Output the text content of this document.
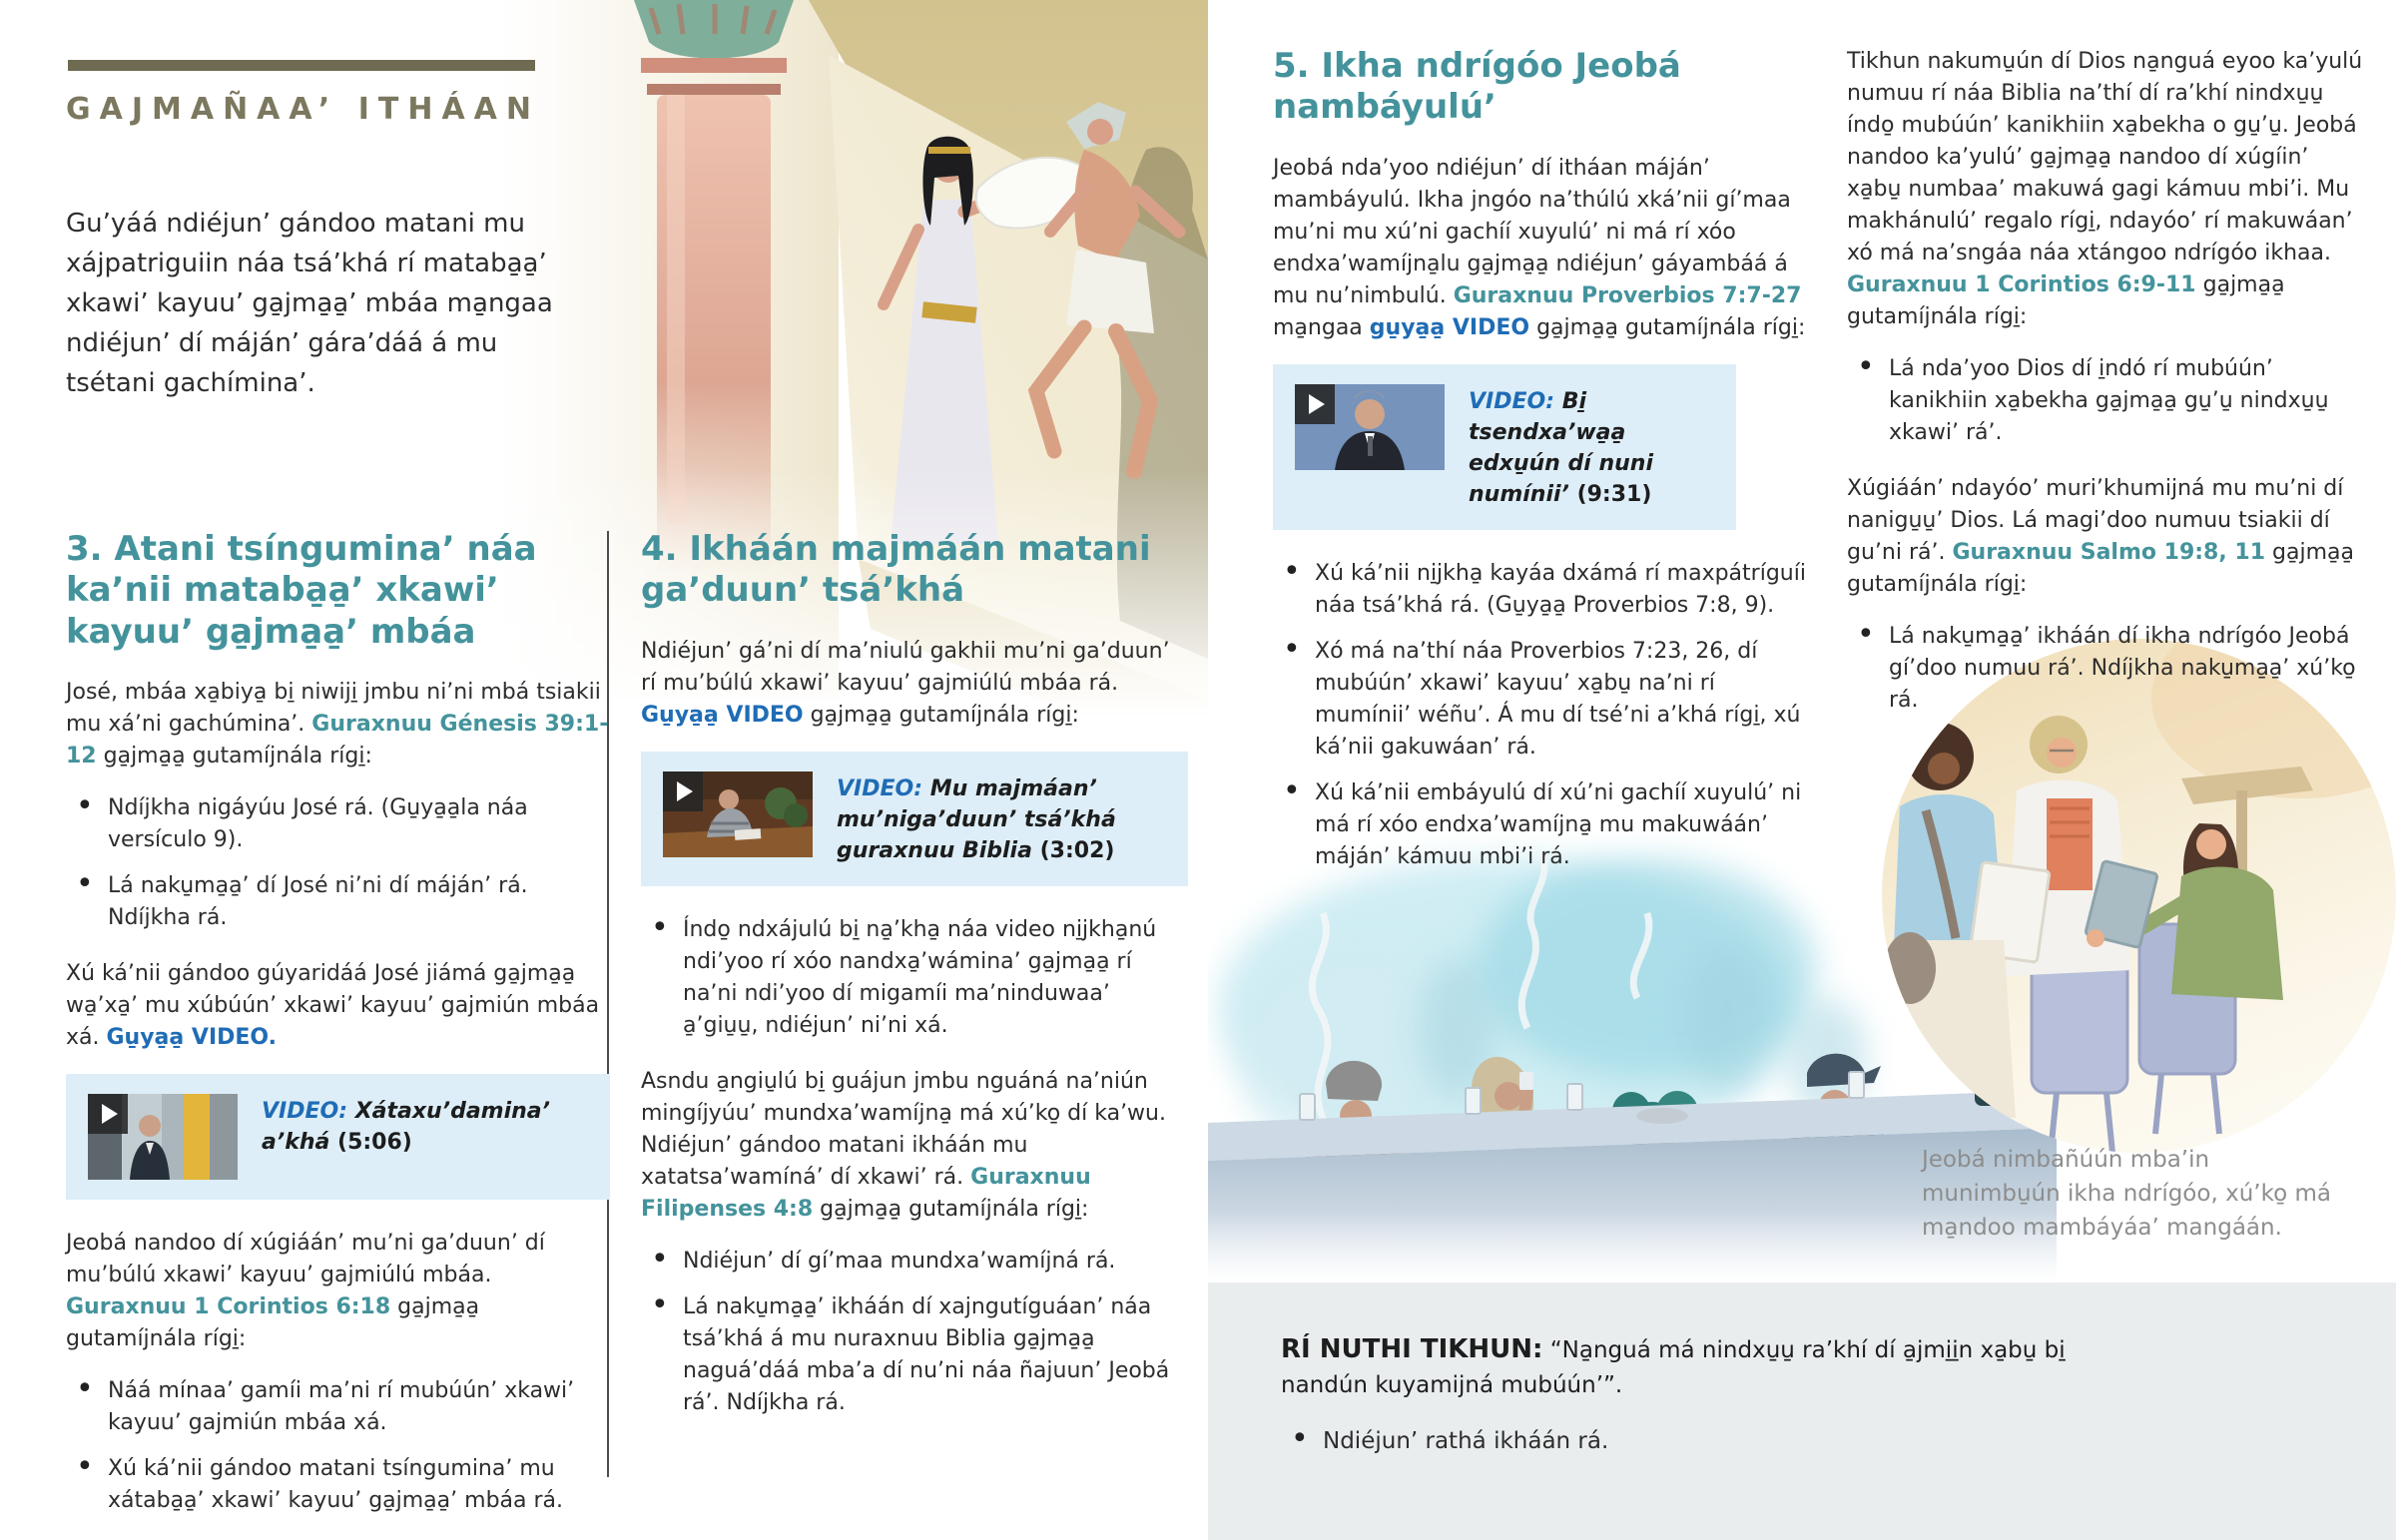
GAJMAÑAA’ ITHÁAN

Gu’yáá ndiéjun’ gándoo matani mu xájpatriguiin náa tsá’khá rí mataba̱a̱’ xkawi’ kayuu’ ga̱jma̱a̱’ mbáa ma̱ngaa ndiéjun’ dí máján’ gára’dáá á mu tsétani gachímina’.

3. Atani tsíngumina’ náa ka’nii mataba̱a̱’ xkawi’ kayuu’ ga̱jma̱a̱’ mbáa

José, mbáa xa̱biya̱ bi̱ niwiji̱ jmbu ni’ni mbá tsiakii mu xá’ni gachúmina’. Guraxnuu Génesis 39:1-12 ga̱jma̱a̱ gutamíjnála rígi̱:

• Ndíjkha nigáyúu José rá. (Gu̱ya̱a̱la náa versículo 9).
• Lá naku̱ma̱a̱’ dí José ni’ni dí máján’ rá. Ndíjkha rá.

Xú ká’nii gándoo gúyaridáá José jiámá ga̱jma̱a̱ wa̱’xa̱’ mu xúbúún’ xkawi’ kayuu’ gajmiún mbáa xá. Gu̱ya̱a̱ VIDEO.

VIDEO: Xátaxu’damina’ a’khá (5:06)

Jeobá nandoo dí xúgiáán’ mu’ni ga’duun’ dí mu’búlú xkawi’ kayuu’ gajmiúlú mbáa. Guraxnuu 1 Corintios 6:18 ga̱jma̱a̱ gutamíjnála rígi̱:

• Náá mínaa’ gamíi ma’ni rí mubúún’ xkawi’ kayuu’ gajmiún mbáa xá.
• Xú ká’nii gándoo matani tsíngumina’ mu xátaba̱a̱’ xkawi’ kayuu’ ga̱jma̱a̱’ mbáa rá.
4. Ikháán majmáán matani ga’duun’ tsá’khá

Ndiéjun’ gá’ni dí ma’niulú gakhii mu’ni ga’duun’ rí mu’búlú xkawi’ kayuu’ gajmiúlú mbáa rá. Gu̱ya̱a̱ VIDEO ga̱jma̱a̱ gutamíjnála rígi̱:

VIDEO: Mu majmáan’ mu’niga’duun’ tsá’khá guraxnuu Biblia (3:02)

• Índo̱ ndxájulú bi̱ na̱’kha̱ náa video ni̱jkha̱nú ndi’yoo rí xóo nandxa̱’wámina’ ga̱jma̱a̱ rí na’ni ndi’yoo dí migamíi ma’ninduwaa’ a̱’giu̱u̱, ndiéjun’ ni’ni xá.

Asndu a̱ngiu̱lú bi̱ guájun jmbu nguáná na’niún mingíjyúu’ mundxa’wamíjna̱ má xú’ko̱ dí ka’wu. Ndiéjun’ gándoo matani ikháán mu xatatsa’wamíná’ dí xkawi’ rá. Guraxnuu Filipenses 4:8 ga̱jma̱a̱ gutamíjnála rígi̱:

• Ndiéjun’ dí gí’maa mundxa’wamíjná rá.
• Lá naku̱ma̱a̱’ ikháán dí xajngutíguáan’ náa tsá’khá á mu nuraxnuu Biblia ga̱jma̱a̱ naguá’dáá mba’a dí nu’ni náa ñajuun’ Jeobá rá’. Ndíjkha rá.

Jeobá nimbañúún mba’in munimbu̱ún ikha ndrígóo, xú’ko̱ má ma̱ndoo mambáyáa’ mangáán.

5. Ikha ndrígóo Jeobá nambáyulú’

Jeobá nda’yoo ndiéjun’ dí itháan máján’ mambáyulú. Ikha jngóo na’thúlú xká’nii gí’maa mu’ni mu xú’ni gachíí xuyulú’ ni má rí xóo endxa’wamíjna̱lu ga̱jma̱a̱ ndiéjun’ gáyambáá á mu nu’nimbulú. Guraxnuu Proverbios 7:7-27 ma̱ngaa gu̱ya̱a̱ VIDEO ga̱jma̱a̱ gutamíjnála rígi̱:

VIDEO: Bi̱ tsendxa’wa̱a̱ edxu̱ún dí nuni numínii’ (9:31)

• Xú ká’nii ni̱jkha̱ kayáa dxámá rí maxpátríguíi náa tsá’khá rá. (Gu̱ya̱a̱ Proverbios 7:8, 9).
• Xó má na’thí náa Proverbios 7:23, 26, dí mubúún’ xkawi’ kayuu’ xa̱bu̱ na’ni rí mumínii’ wéñu’. Á mu dí tsé’ni a’khá rígi̱, xú ká’nii gakuwáan’ rá.
• Xú ká’nii embáyulú dí xú’ni gachíí xuyulú’ ni má rí xóo endxa’wamíjna̱ mu makuwáán’ máján’ kámuu mbi’i rá.

Tikhun nakumu̱ún dí Dios na̱nguá eyoo ka’yulú numuu rí náa Biblia na’thí dí ra’khí nindxu̱u̱ índo̱ mubúún’ kanikhiin xa̱bekha o gu̱’u̱. Jeobá nandoo ka’yulú’ ga̱jma̱a̱ nandoo dí xúgíin’ xa̱bu̱ numbaa’ makuwá gagi kámuu mbi’i. Mu makhánulú’ regalo rígi̱, ndayóo’ rí makuwáan’ xó má na’sngáa náa xtángoo ndrígóo ikhaa. Guraxnuu 1 Corintios 6:9-11 ga̱jma̱a̱ gutamíjnála rígi̱:

• Lá nda’yoo Dios dí i̱ndó rí mubúún’ kanikhiin xa̱bekha ga̱jma̱a̱ gu̱’u̱ nindxu̱u̱ xkawi’ rá’.

Xúgiáán’ ndayóo’ muri’khumijná mu mu’ni dí nanigu̱u̱’ Dios. Lá magi’doo numuu tsiakii dí gu’ni rá’. Guraxnuu Salmo 19:8, 11 ga̱jma̱a̱ gutamíjnála rígi̱:

• Lá naku̱ma̱a̱’ ikháán dí ikha ndrígóo Jeobá gí’doo numuu rá’. Ndíjkha naku̱ma̱a̱’ xú’ko̱ rá.

RÍ NUTHI TIKHUN: “Na̱nguá má nindxu̱u̱ ra’khí dí a̱jmi̱i̱n xa̱bu̱ bi̱ nandún kuyamijná mubúún’”.

• Ndiéjun’ rathá ikháán rá.
